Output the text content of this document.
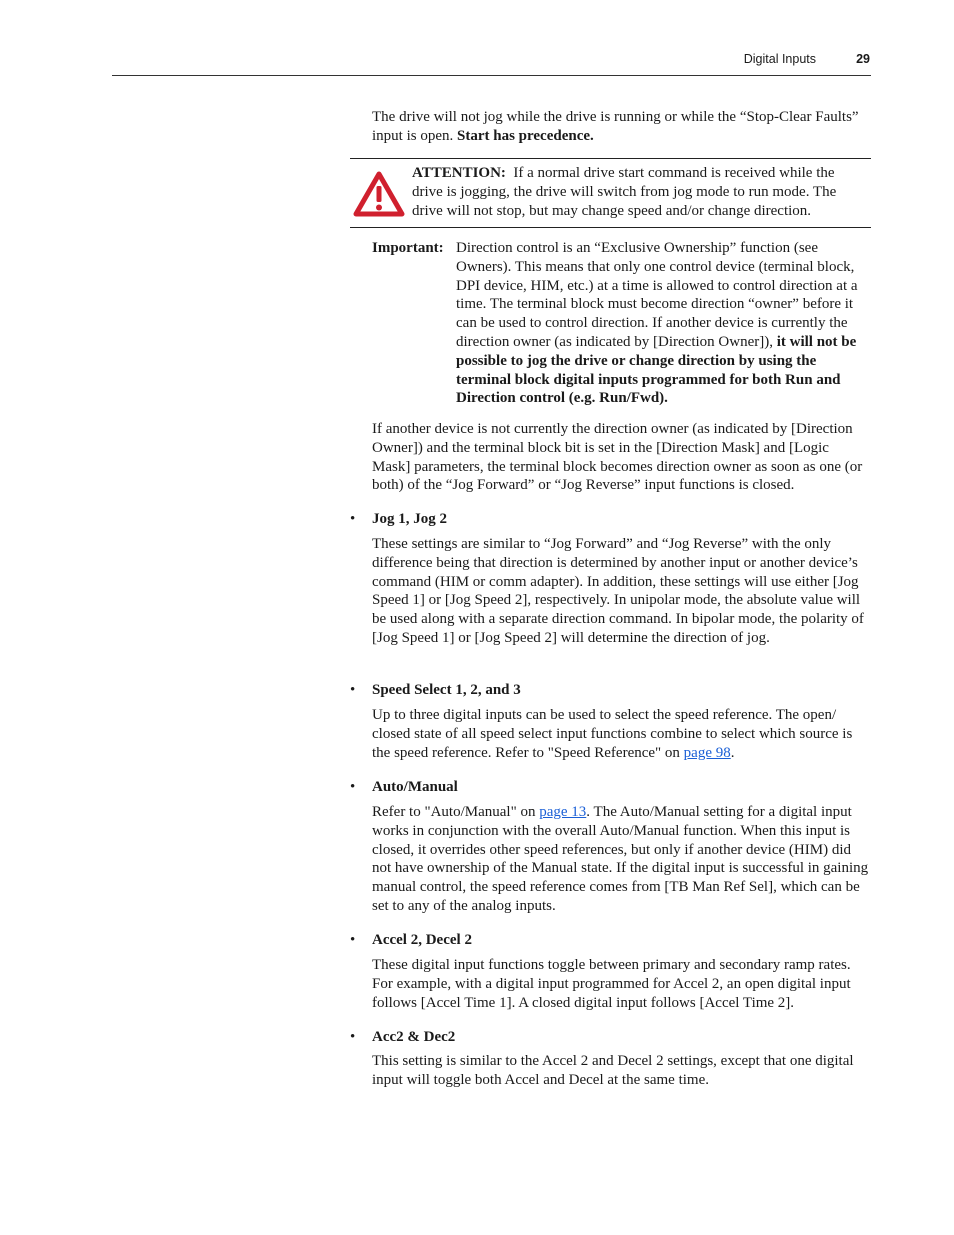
Digital Inputs	29

The drive will not jog while the drive is running or while the “Stop-Clear Faults” input is open. Start has precedence.

ATTENTION: If a normal drive start command is received while the drive is jogging, the drive will switch from jog mode to run mode. The drive will not stop, but may change speed and/or change direction.
Important: Direction control is an “Exclusive Ownership” function (see Owners). This means that only one control device (terminal block, DPI device, HIM, etc.) at a time is allowed to control direction at a time. The terminal block must become direction “owner” before it can be used to control direction. If another device is currently the direction owner (as indicated by [Direction Owner]), it will not be possible to jog the drive or change direction by using the terminal block digital inputs programmed for both Run and Direction control (e.g. Run/Fwd).
If another device is not currently the direction owner (as indicated by [Direction Owner]) and the terminal block bit is set in the [Direction Mask] and [Logic Mask] parameters, the terminal block becomes direction owner as soon as one (or both) of the “Jog Forward” or “Jog Reverse” input functions is closed.
• Jog 1, Jog 2
These settings are similar to “Jog Forward” and “Jog Reverse” with the only difference being that direction is determined by another input or another device’s command (HIM or comm adapter). In addition, these settings will use either [Jog Speed 1] or [Jog Speed 2], respectively. In unipolar mode, the absolute value will be used along with a separate direction command. In bipolar mode, the polarity of [Jog Speed 1] or [Jog Speed 2] will determine the direction of jog.
• Speed Select 1, 2, and 3
Up to three digital inputs can be used to select the speed reference. The open/ closed state of all speed select input functions combine to select which source is the speed reference. Refer to "Speed Reference" on page 98.
• Auto/Manual
Refer to "Auto/Manual" on page 13. The Auto/Manual setting for a digital input works in conjunction with the overall Auto/Manual function. When this input is closed, it overrides other speed references, but only if another device (HIM) did not have ownership of the Manual state. If the digital input is successful in gaining manual control, the speed reference comes from [TB Man Ref Sel], which can be set to any of the analog inputs.
• Accel 2, Decel 2
These digital input functions toggle between primary and secondary ramp rates. For example, with a digital input programmed for Accel 2, an open digital input follows [Accel Time 1]. A closed digital input follows [Accel Time 2].
• Acc2 & Dec2
This setting is similar to the Accel 2 and Decel 2 settings, except that one digital input will toggle both Accel and Decel at the same time.
